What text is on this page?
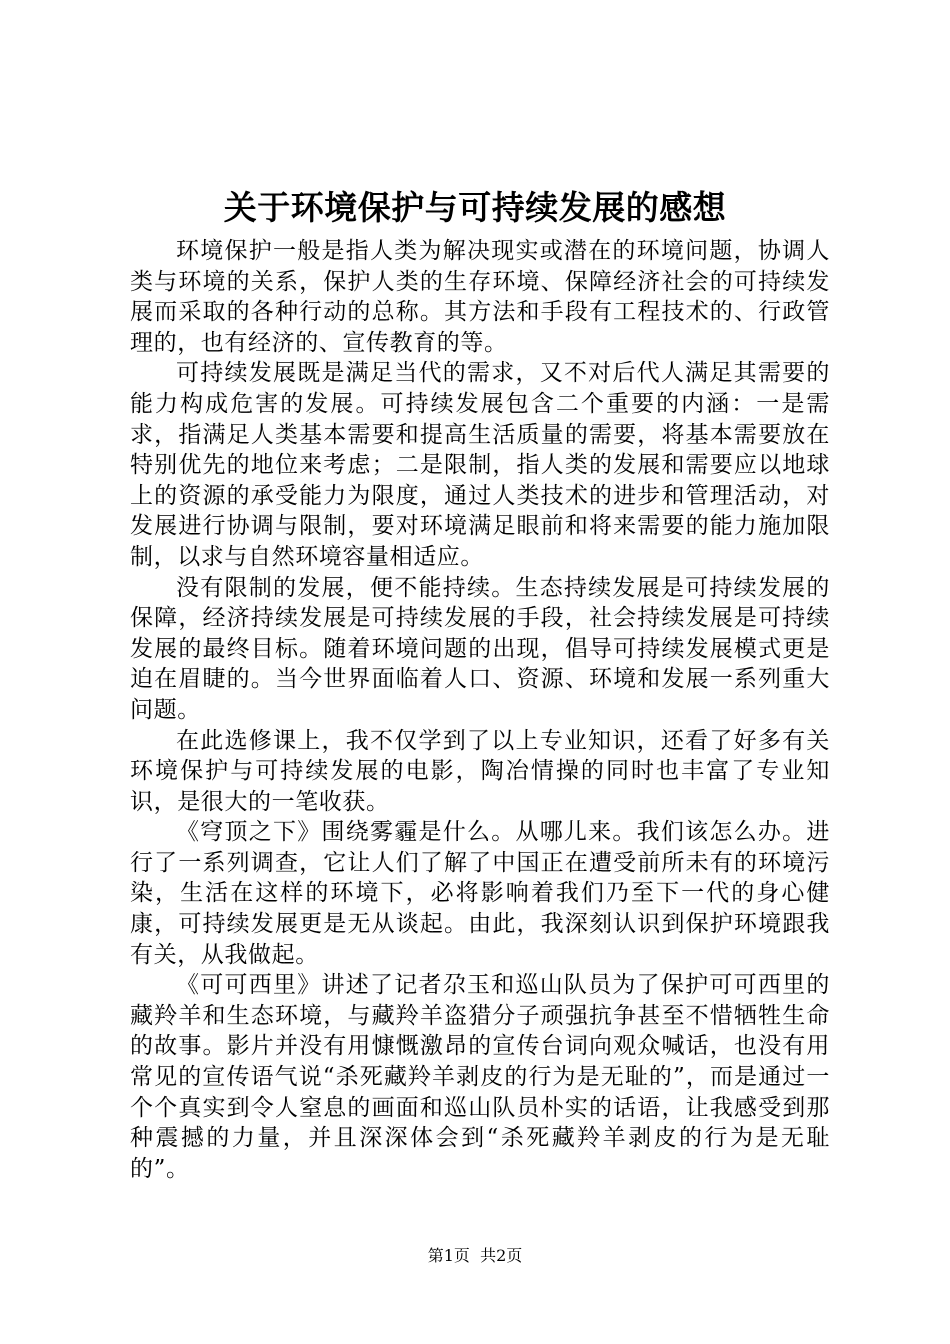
关于环境保护与可持续发展的感想

环境保护一般是指人类为解决现实或潜在的环境问题，协调人类与环境的关系，保护人类的生存环境、保障经济社会的可持续发展而采取的各种行动的总称。其方法和手段有工程技术的、行政管理的，也有经济的、宣传教育的等。

可持续发展既是满足当代的需求，又不对后代人满足其需要的能力构成危害的发展。可持续发展包含二个重要的内涵：一是需求，指满足人类基本需要和提高生活质量的需要，将基本需要放在特别优先的地位来考虑；二是限制，指人类的发展和需要应以地球上的资源的承受能力为限度，通过人类技术的进步和管理活动，对发展进行协调与限制，要对环境满足眼前和将来需要的能力施加限制，以求与自然环境容量相适应。

没有限制的发展，便不能持续。生态持续发展是可持续发展的保障，经济持续发展是可持续发展的手段，社会持续发展是可持续发展的最终目标。随着环境问题的出现，倡导可持续发展模式更是迫在眉睫的。当今世界面临着人口、资源、环境和发展一系列重大问题。

在此选修课上，我不仅学到了以上专业知识，还看了好多有关环境保护与可持续发展的电影，陶冶情操的同时也丰富了专业知识，是很大的一笔收获。

《穹顶之下》围绕雾霾是什么。从哪儿来。我们该怎么办。进行了一系列调查，它让人们了解了中国正在遭受前所未有的环境污染，生活在这样的环境下，必将影响着我们乃至下一代的身心健康，可持续发展更是无从谈起。由此，我深刻认识到保护环境跟我有关，从我做起。

《可可西里》讲述了记者尕玉和巡山队员为了保护可可西里的藏羚羊和生态环境，与藏羚羊盗猎分子顽强抗争甚至不惜牺牲生命的故事。影片并没有用慷慨激昂的宣传台词向观众喊话，也没有用常见的宣传语气说“杀死藏羚羊剥皮的行为是无耻的”，而是通过一个个真实到令人窒息的画面和巡山队员朴实的话语，让我感受到那种震撼的力量，并且深深体会到“杀死藏羚羊剥皮的行为是无耻的”。

第1页  共2页
